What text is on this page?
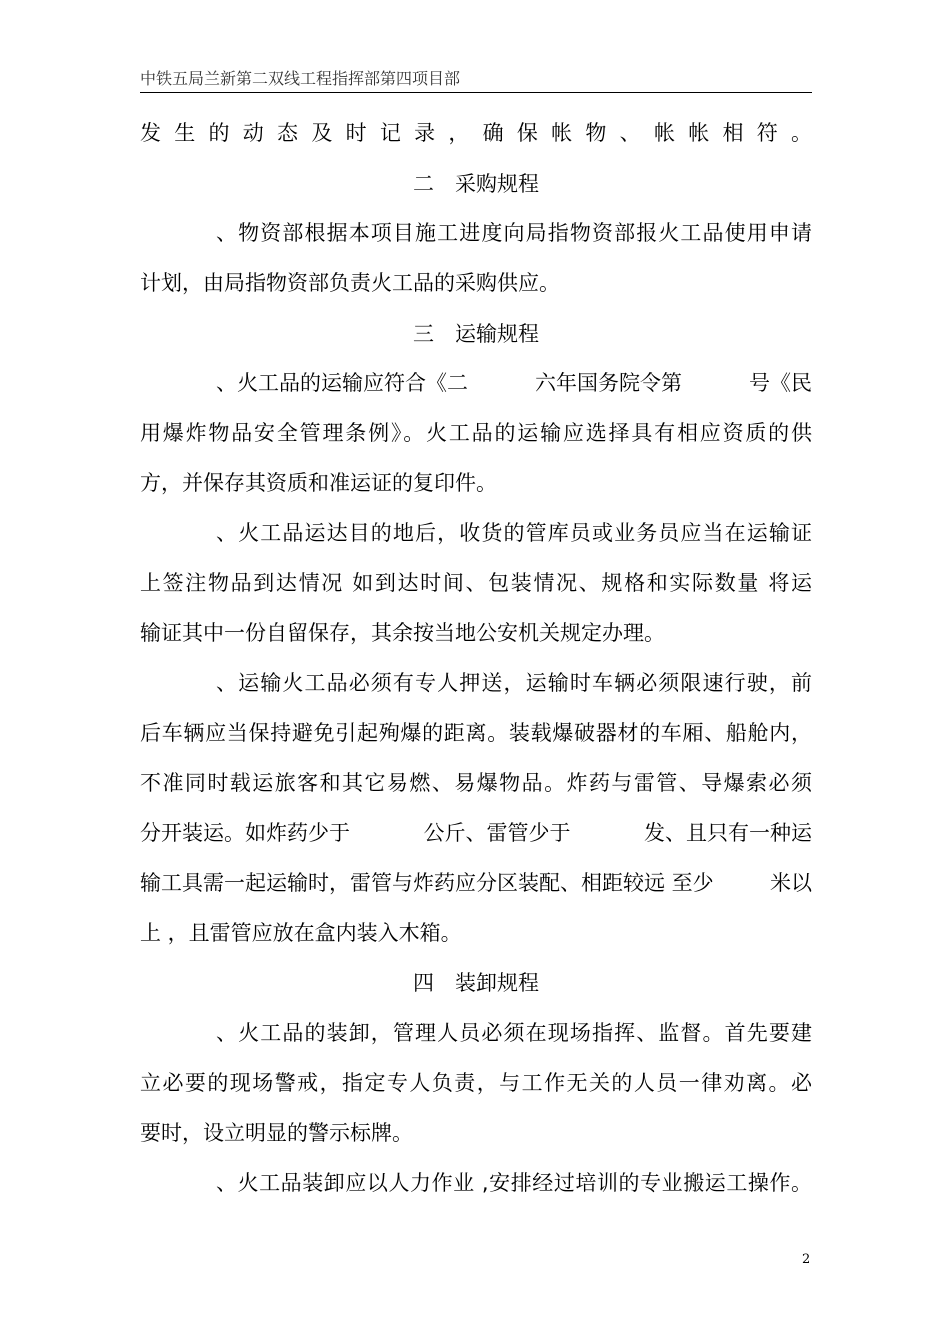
中铁五局兰新第二双线工程指挥部第四项目部
发生的动态及时记录，确保帐物、帐帐相符。
二　采购规程
、物资部根据本项目施工进度向局指物资部报火工品使用申请
计划，由局指物资部负责火工品的采购供应。
三　运输规程
、火工品的运输应符合《二	六年国务院令第	号《民
用爆炸物品安全管理条例》。火工品的运输应选择具有相应资质的供
方，并保存其资质和准运证的复印件。
、火工品运达目的地后，收货的管库员或业务员应当在运输证
上签注物品到达情况 如到达时间、包装情况、规格和实际数量 将运
输证其中一份自留保存，其余按当地公安机关规定办理。
、运输火工品必须有专人押送，运输时车辆必须限速行驶，前
后车辆应当保持避免引起殉爆的距离。装载爆破器材的车厢、船舱内，
不准同时载运旅客和其它易燃、易爆物品。炸药与雷管、导爆索必须
分开装运。如炸药少于	公斤、雷管少于	发、且只有一种运
输工具需一起运输时，雷管与炸药应分区装配、相距较远 至少	米以
上 ，且雷管应放在盒内装入木箱。
四　装卸规程
、火工品的装卸，管理人员必须在现场指挥、监督。首先要建
立必要的现场警戒，指定专人负责，与工作无关的人员一律劝离。必
要时，设立明显的警示标牌。
、火工品装卸应以人力作业 ,安排经过培训的专业搬运工操作。
2
